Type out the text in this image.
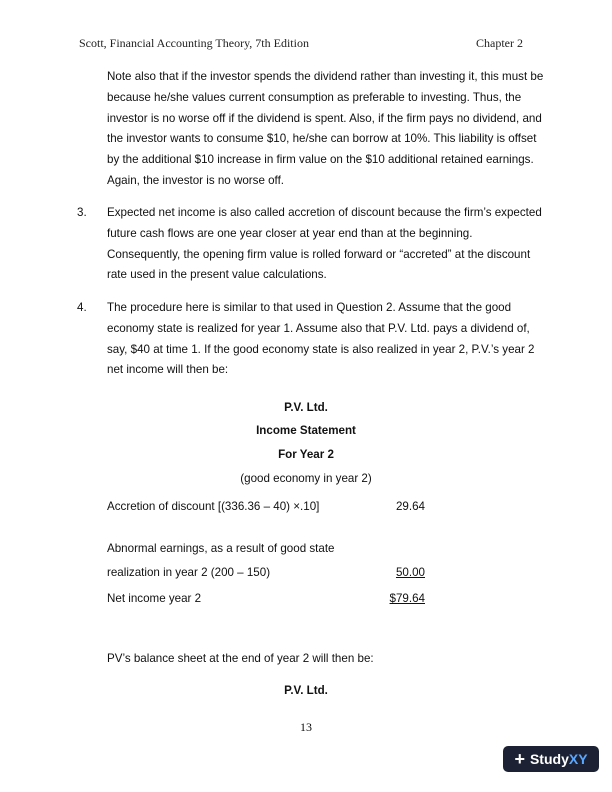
Scott, Financial Accounting Theory, 7th Edition	Chapter 2

Note also that if the investor spends the dividend rather than investing it, this must be because he/she values current consumption as preferable to investing. Thus, the investor is no worse off if the dividend is spent. Also, if the firm pays no dividend, and the investor wants to consume $10, he/she can borrow at 10%. This liability is offset by the additional $10 increase in firm value on the $10 additional retained earnings. Again, the investor is no worse off.

3. Expected net income is also called accretion of discount because the firm’s expected future cash flows are one year closer at year end than at the beginning. Consequently, the opening firm value is rolled forward or “accreted” at the discount rate used in the present value calculations.

4. The procedure here is similar to that used in Question 2. Assume that the good economy state is realized for year 1. Assume also that P.V. Ltd. pays a dividend of, say, $40 at time 1. If the good economy state is also realized in year 2, P.V.’s year 2 net income will then be:

P.V. Ltd.
Income Statement
For Year 2
(good economy in year 2)
Accretion of discount [(336.36 – 40) ×.10]	29.64
Abnormal earnings, as a result of good state
realization in year 2 (200 – 150)	50.00
Net income year 2	$79.64
PV’s balance sheet at the end of year 2 will then be:
P.V. Ltd.
13
+ StudyXY
